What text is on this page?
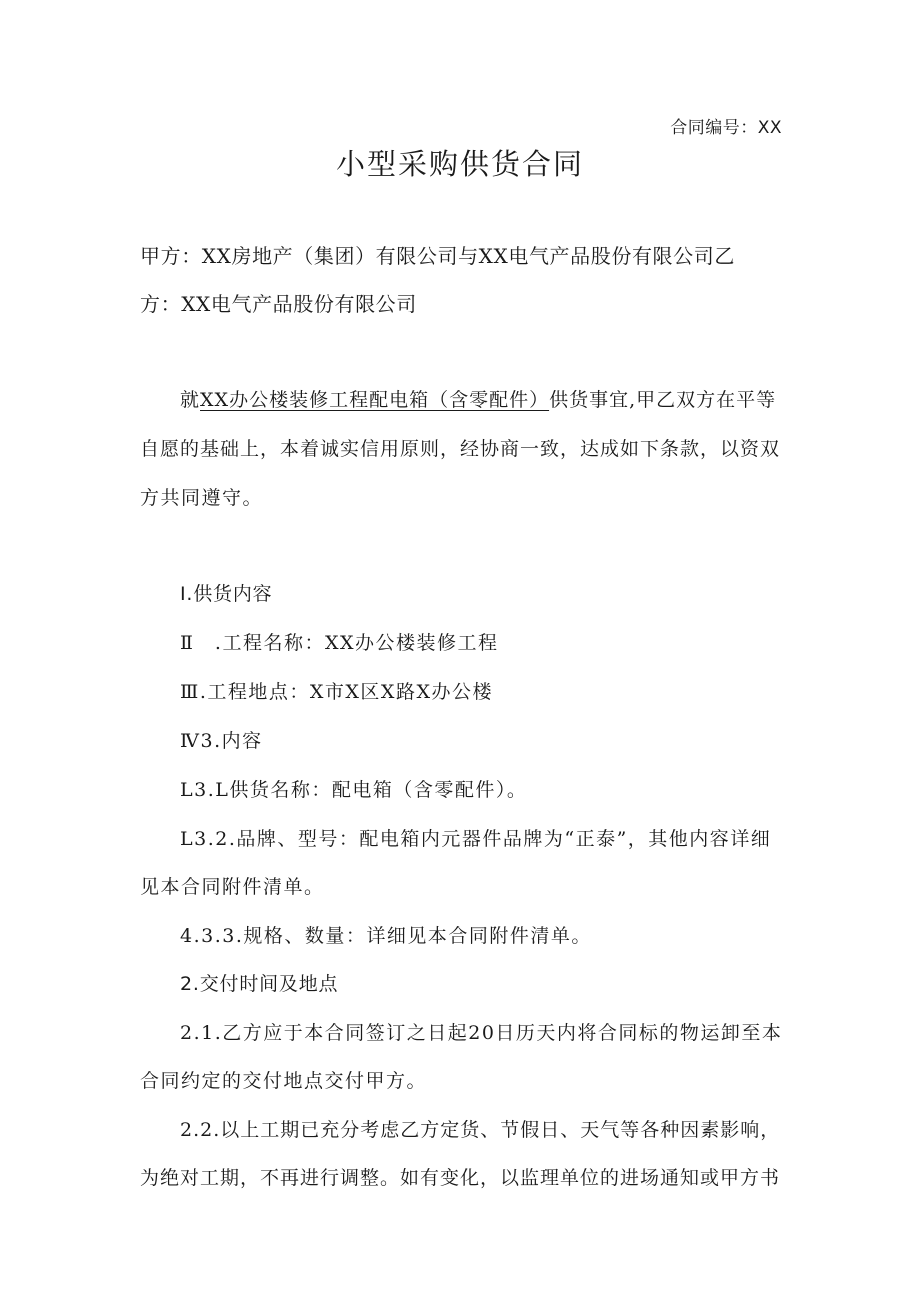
合同编号：XX
小型采购供货合同
甲方：XX房地产（集团）有限公司与XX电气产品股份有限公司乙
方：XX电气产品股份有限公司
就XX办公楼装修工程配电箱（含零配件）供货事宜,甲乙双方在平等
自愿的基础上，本着诚实信用原则，经协商一致，达成如下条款，以资双
方共同遵守。
Ⅰ.供货内容
Ⅱ　.工程名称：XX办公楼装修工程
Ⅲ.工程地点：X市X区X路X办公楼
Ⅳ3.内容
L3.L供货名称：配电箱（含零配件）。
L3.2.品牌、型号：配电箱内元器件品牌为“正泰”，其他内容详细
见本合同附件清单。
4.3.3.规格、数量：详细见本合同附件清单。
2.交付时间及地点
2.1.乙方应于本合同签订之日起20日历天内将合同标的物运卸至本
合同约定的交付地点交付甲方。
2.2.以上工期已充分考虑乙方定货、节假日、天气等各种因素影响，
为绝对工期，不再进行调整。如有变化，以监理单位的进场通知或甲方书
